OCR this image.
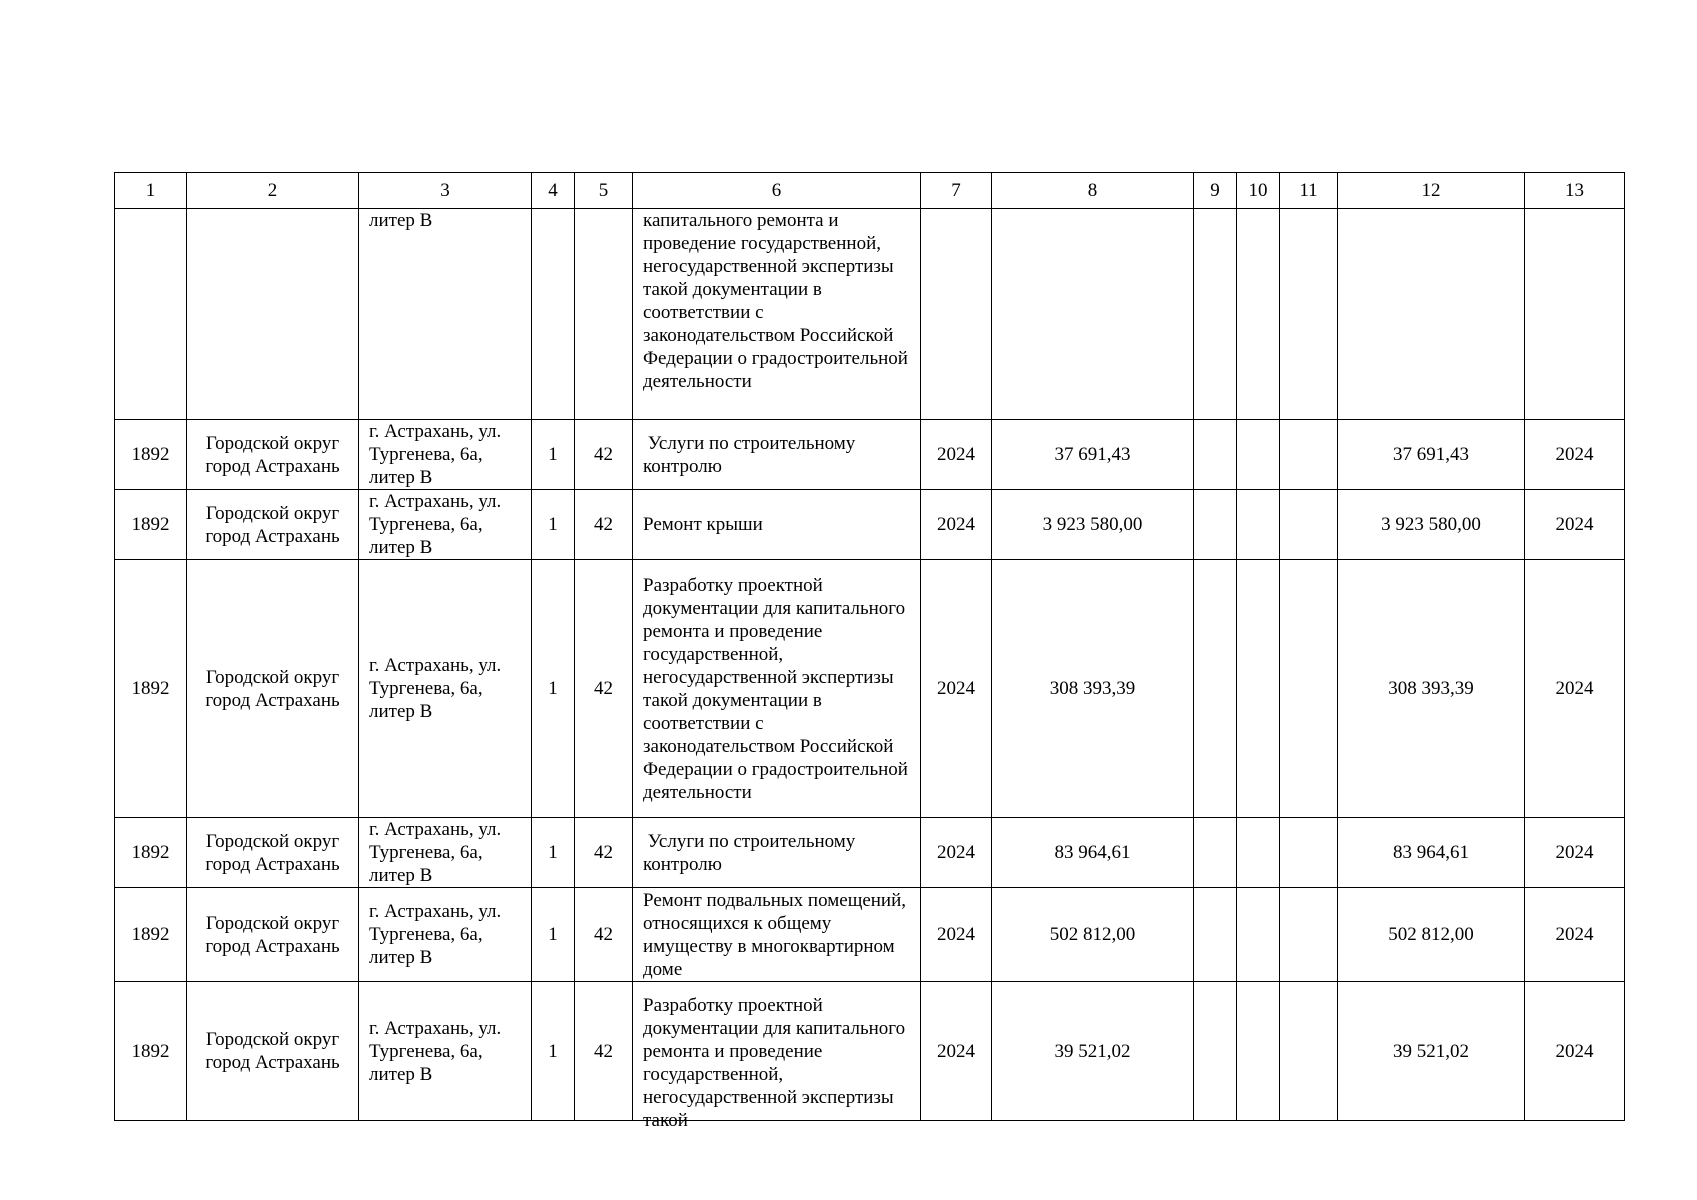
1	2	3	4	5	6	7	8	9	10	11	12	13
		литер В			капитального ремонта и проведение государственной, негосударственной экспертизы такой документации в соответствии с законодательством Российской Федерации о градостроительной деятельности							
1892	Городской округ город Астрахань	г. Астрахань, ул. Тургенева, 6а, литер В	1	42	Услуги по строительному контролю	2024	37 691,43				37 691,43	2024
1892	Городской округ город Астрахань	г. Астрахань, ул. Тургенева, 6а, литер В	1	42	Ремонт крыши	2024	3 923 580,00				3 923 580,00	2024
1892	Городской округ город Астрахань	г. Астрахань, ул. Тургенева, 6а, литер В	1	42	Разработку проектной документации для капитального ремонта и проведение государственной, негосударственной экспертизы такой документации в соответствии с законодательством Российской Федерации о градостроительной деятельности	2024	308 393,39				308 393,39	2024
1892	Городской округ город Астрахань	г. Астрахань, ул. Тургенева, 6а, литер В	1	42	Услуги по строительному контролю	2024	83 964,61				83 964,61	2024
1892	Городской округ город Астрахань	г. Астрахань, ул. Тургенева, 6а, литер В	1	42	Ремонт подвальных помещений, относящихся к общему имуществу в многоквартирном доме	2024	502 812,00				502 812,00	2024
1892	Городской округ город Астрахань	г. Астрахань, ул. Тургенева, 6а, литер В	1	42	Разработку проектной документации для капитального ремонта и проведение государственной, негосударственной экспертизы такой	2024	39 521,02				39 521,02	2024
